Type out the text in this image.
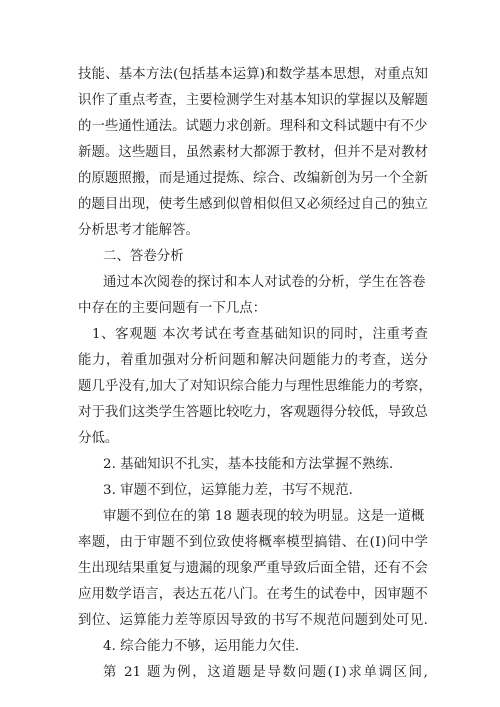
技能、基本方法(包括基本运算)和数学基本思想，对重点知
识作了重点考查，主要检测学生对基本知识的掌握以及解题
的一些通性通法。试题力求创新。理科和文科试题中有不少
新题。这些题目，虽然素材大都源于教材，但并不是对教材
的原题照搬，而是通过提炼、综合、改编新创为另一个全新
的题目出现，使考生感到似曾相似但又必须经过自己的独立
分析思考才能解答。
二、答卷分析
通过本次阅卷的探讨和本人对试卷的分析，学生在答卷
中存在的主要问题有一下几点：
1、客观题 本次考试在考查基础知识的同时，注重考查
能力，着重加强对分析问题和解决问题能力的考查，送分
题几乎没有,加大了对知识综合能力与理性思维能力的考察，
对于我们这类学生答题比较吃力，客观题得分较低，导致总
分低。
2. 基础知识不扎实，基本技能和方法掌握不熟练.
3. 审题不到位，运算能力差，书写不规范.
审题不到位在的第 18 题表现的较为明显。这是一道概
率题，由于审题不到位致使将概率模型搞错、在(Ⅰ)问中学
生出现结果重复与遗漏的现象严重导致后面全错，还有不会
应用数学语言，表达五花八门。在考生的试卷中，因审题不
到位、运算能力差等原因导致的书写不规范问题到处可见.
4. 综合能力不够，运用能力欠佳.
第 21 题为例，这道题是导数问题(Ⅰ)求单调区间,
